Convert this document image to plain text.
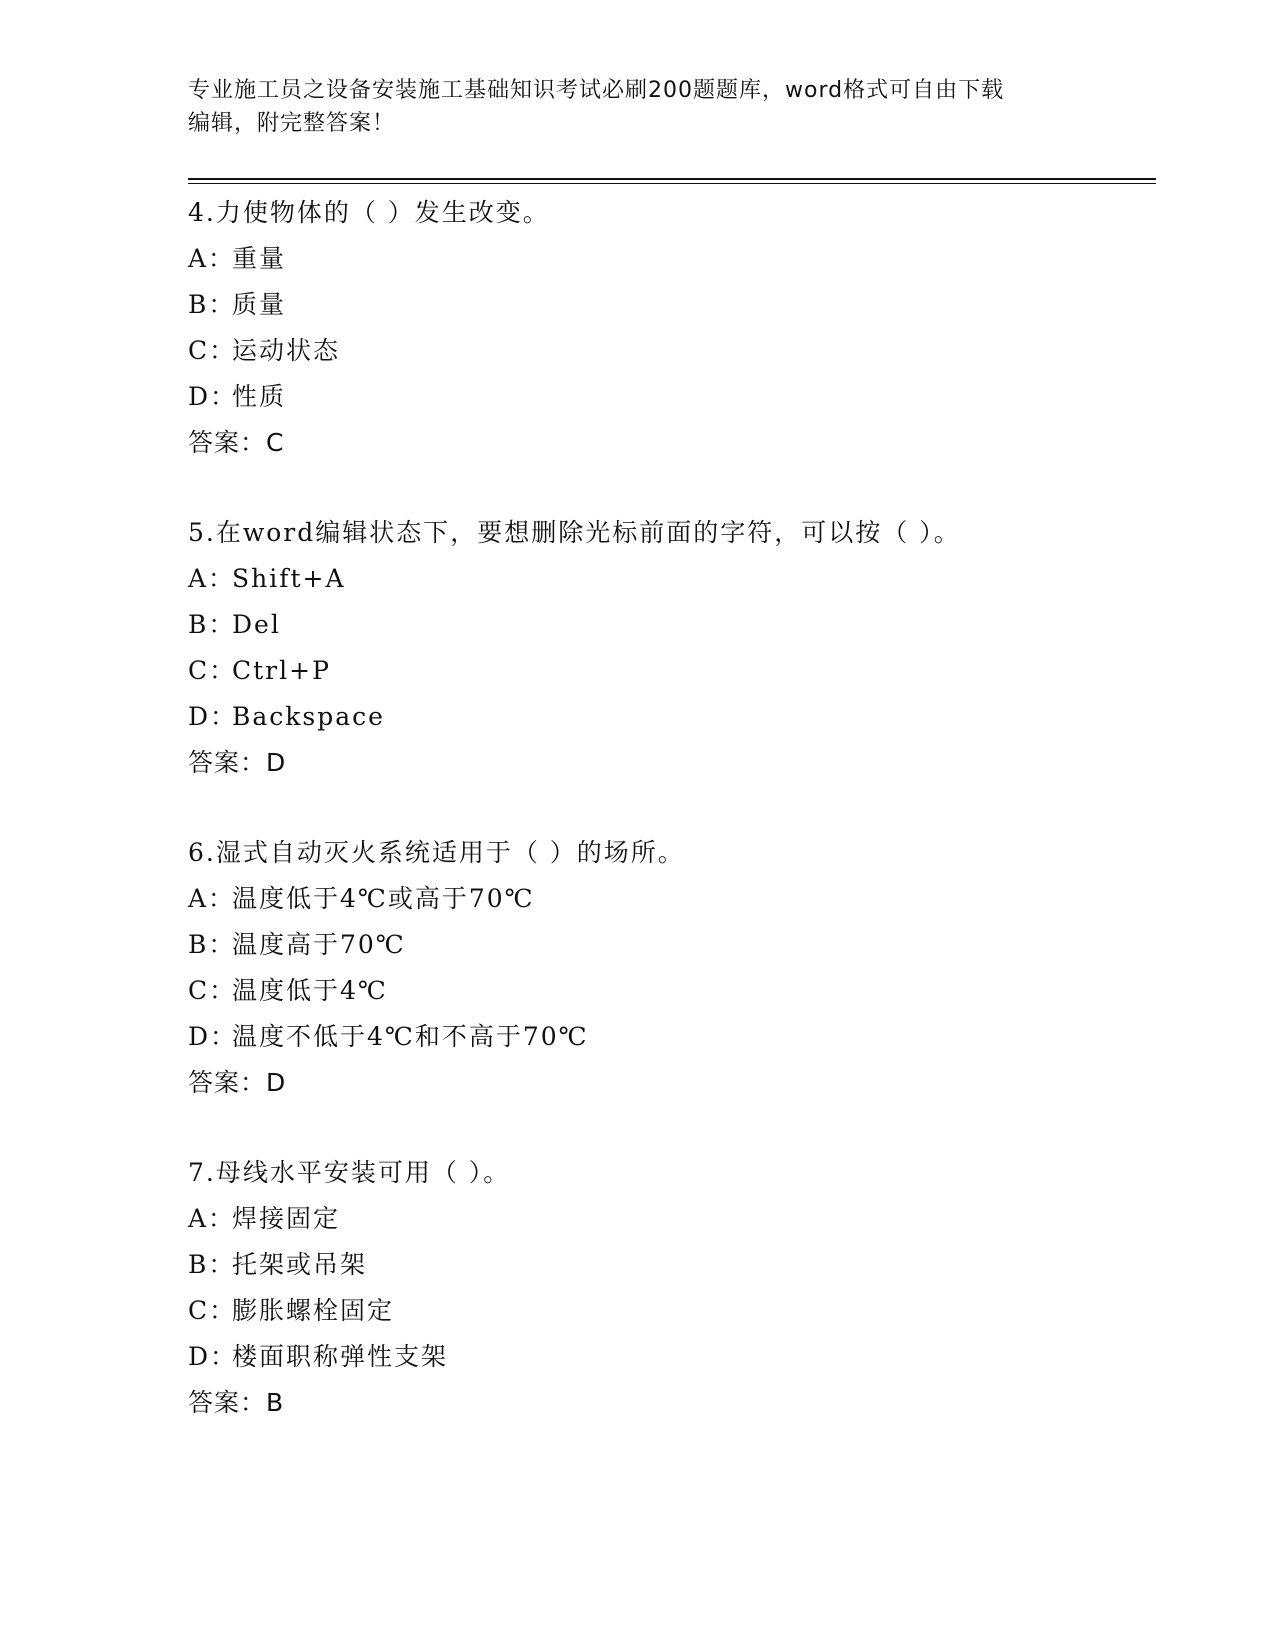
专业施工员之设备安装施工基础知识考试必刷200题题库，word格式可自由下载
编辑，附完整答案！
4.力使物体的（ ）发生改变。
A：重量
B：质量
C：运动状态
D：性质
答案：C
5.在word编辑状态下，要想删除光标前面的字符，可以按（ ）。
A：Shift+A
B：Del
C：Ctrl+P
D：Backspace
答案：D
6.湿式自动灭火系统适用于（ ）的场所。
A：温度低于4℃或高于70℃
B：温度高于70℃
C：温度低于4℃
D：温度不低于4℃和不高于70℃
答案：D
7.母线水平安装可用（ ）。
A：焊接固定
B：托架或吊架
C：膨胀螺栓固定
D：楼面职称弹性支架
答案：B
